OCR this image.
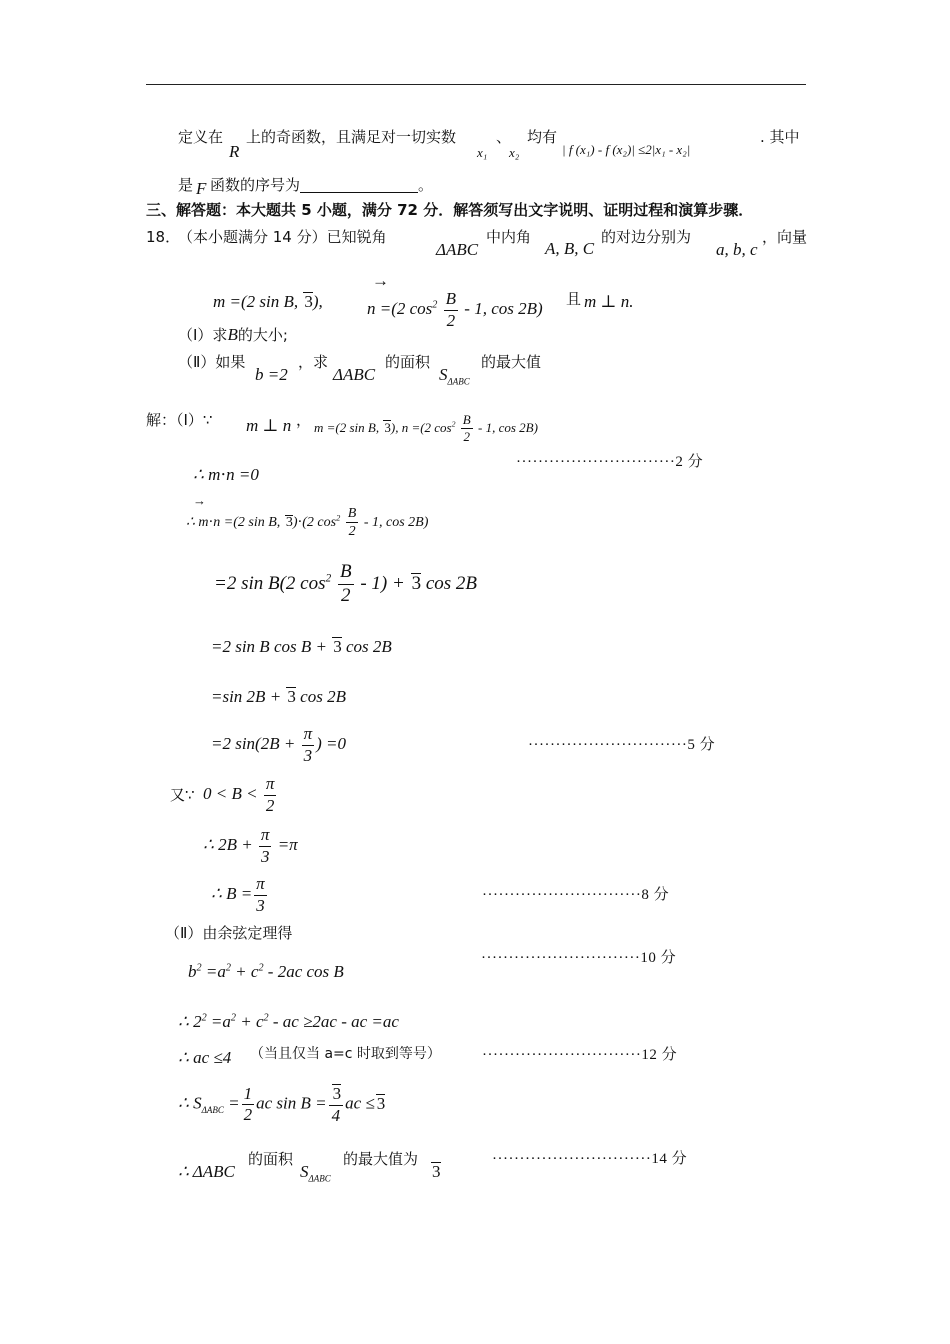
定义在
R
上的奇函数，且满足对一切实数
x₁
、
x₂
均有
| f (x₁) - f (x₂)| ≤2|x₁ - x₂|
. 其中
是 F 函数的序号为	。
三、解答题：本大题共 5 小题，满分 72 分．解答须写出文字说明、证明过程和演算步骤．
18．
（本小题满分 14 分）已知锐角
ΔABC
中内角
A, B, C
的对边分别为
a, b, c
，向量
m =(2 sin B, 3),
→
n =(2 $\cos^2 \frac{B}{2} - 1$, cos 2B)
且 m ⊥ n.
（Ⅰ）求B的大小;
（Ⅱ）如果
b =2
，求
ΔABC
的面积
$S_{\Delta ABC}$
的最大值
解：（Ⅰ）∵ m ⊥ n ， m =(2 sin B, 3), n =(2 $\cos^2 \frac{B}{2} - 1$, cos 2B)
∴ m⋅n =0
·····························2 分
→
∴ m⋅n =(2 sin B, 3)⋅(2 $\cos^2 \frac{B}{2} - 1$, cos 2B)
=2 sin B(2 $\cos^2 \frac{B}{2} - 1) + 3$ cos 2B
=2 sin B cos B + 3 cos 2B
=sin 2B + 3 cos 2B
=2 $\sin(2B + \frac{\pi}{3}$ ) =0	·····························5 分
又∵ $0 < B < \frac{\pi}{2}$
∴ $2B + \frac{\pi}{3} =\pi$
∴ $B = \frac{\pi}{3}$	·····························8 分
（Ⅱ）由余弦定理得
$b^2 =a^2 + c^2 - 2ac$ cos B
·····························10 分
∴ $2^2 =a^2 + c^2$ - ac ≥2ac - ac =ac
∴ ac ≤4 （当且仅当 a=c 时取到等号）	·····························12 分
∴ $S_{\Delta ABC} = \frac{1}{2}$ ac $\sin B = \frac{3}{4}$ ac ≤ 3
∴ ΔABC
的面积
$S_{\Delta ABC}$
的最大值为
3
·····························14 分
